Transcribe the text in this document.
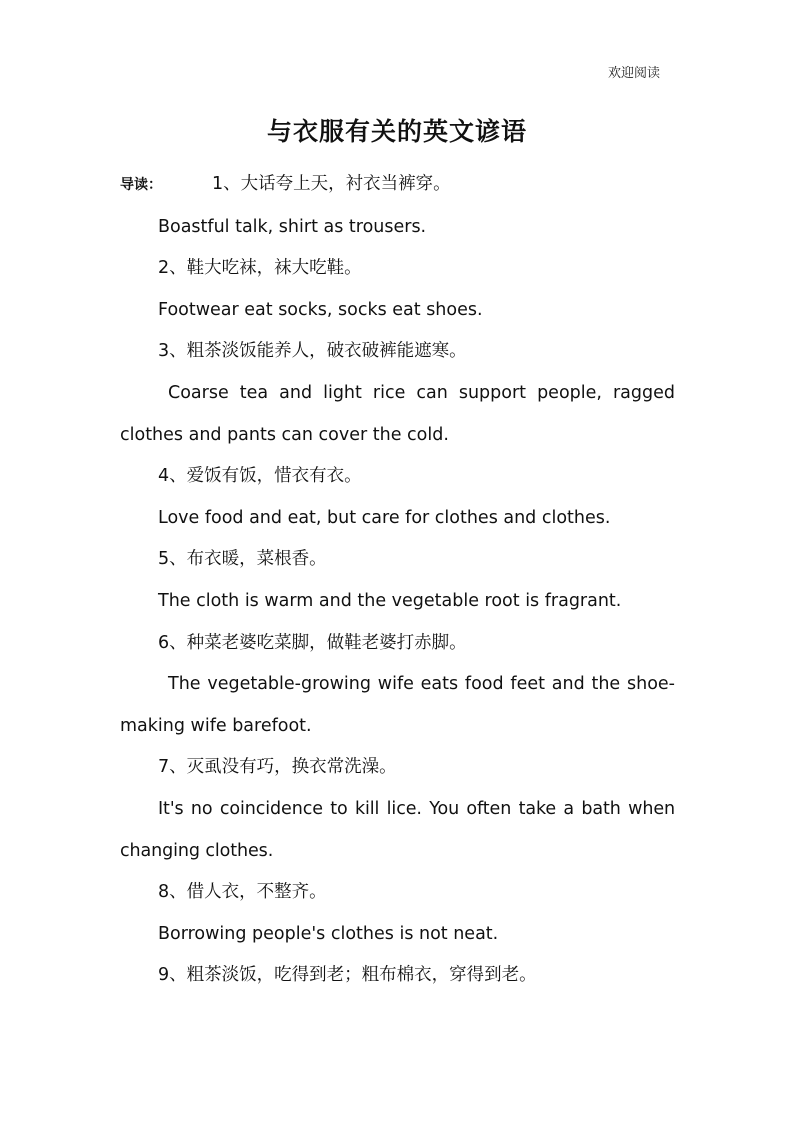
欢迎阅读
与衣服有关的英文谚语

导读：	1、大话夸上天，衬衣当裤穿。

Boastful talk, shirt as trousers.

2、鞋大吃袜，袜大吃鞋。

Footwear eat socks, socks eat shoes.

3、粗茶淡饭能养人，破衣破裤能遮寒。

Coarse tea and light rice can support people, ragged clothes and pants can cover the cold.

4、爱饭有饭，惜衣有衣。

Love food and eat, but care for clothes and clothes.

5、布衣暖，菜根香。

The cloth is warm and the vegetable root is fragrant.

6、种菜老婆吃菜脚，做鞋老婆打赤脚。

The vegetable-growing wife eats food feet and the shoe-making wife barefoot.

7、灭虱没有巧，换衣常洗澡。

It's no coincidence to kill lice. You often take a bath when changing clothes.

8、借人衣，不整齐。

Borrowing people's clothes is not neat.

9、粗茶淡饭，吃得到老；粗布棉衣，穿得到老。
